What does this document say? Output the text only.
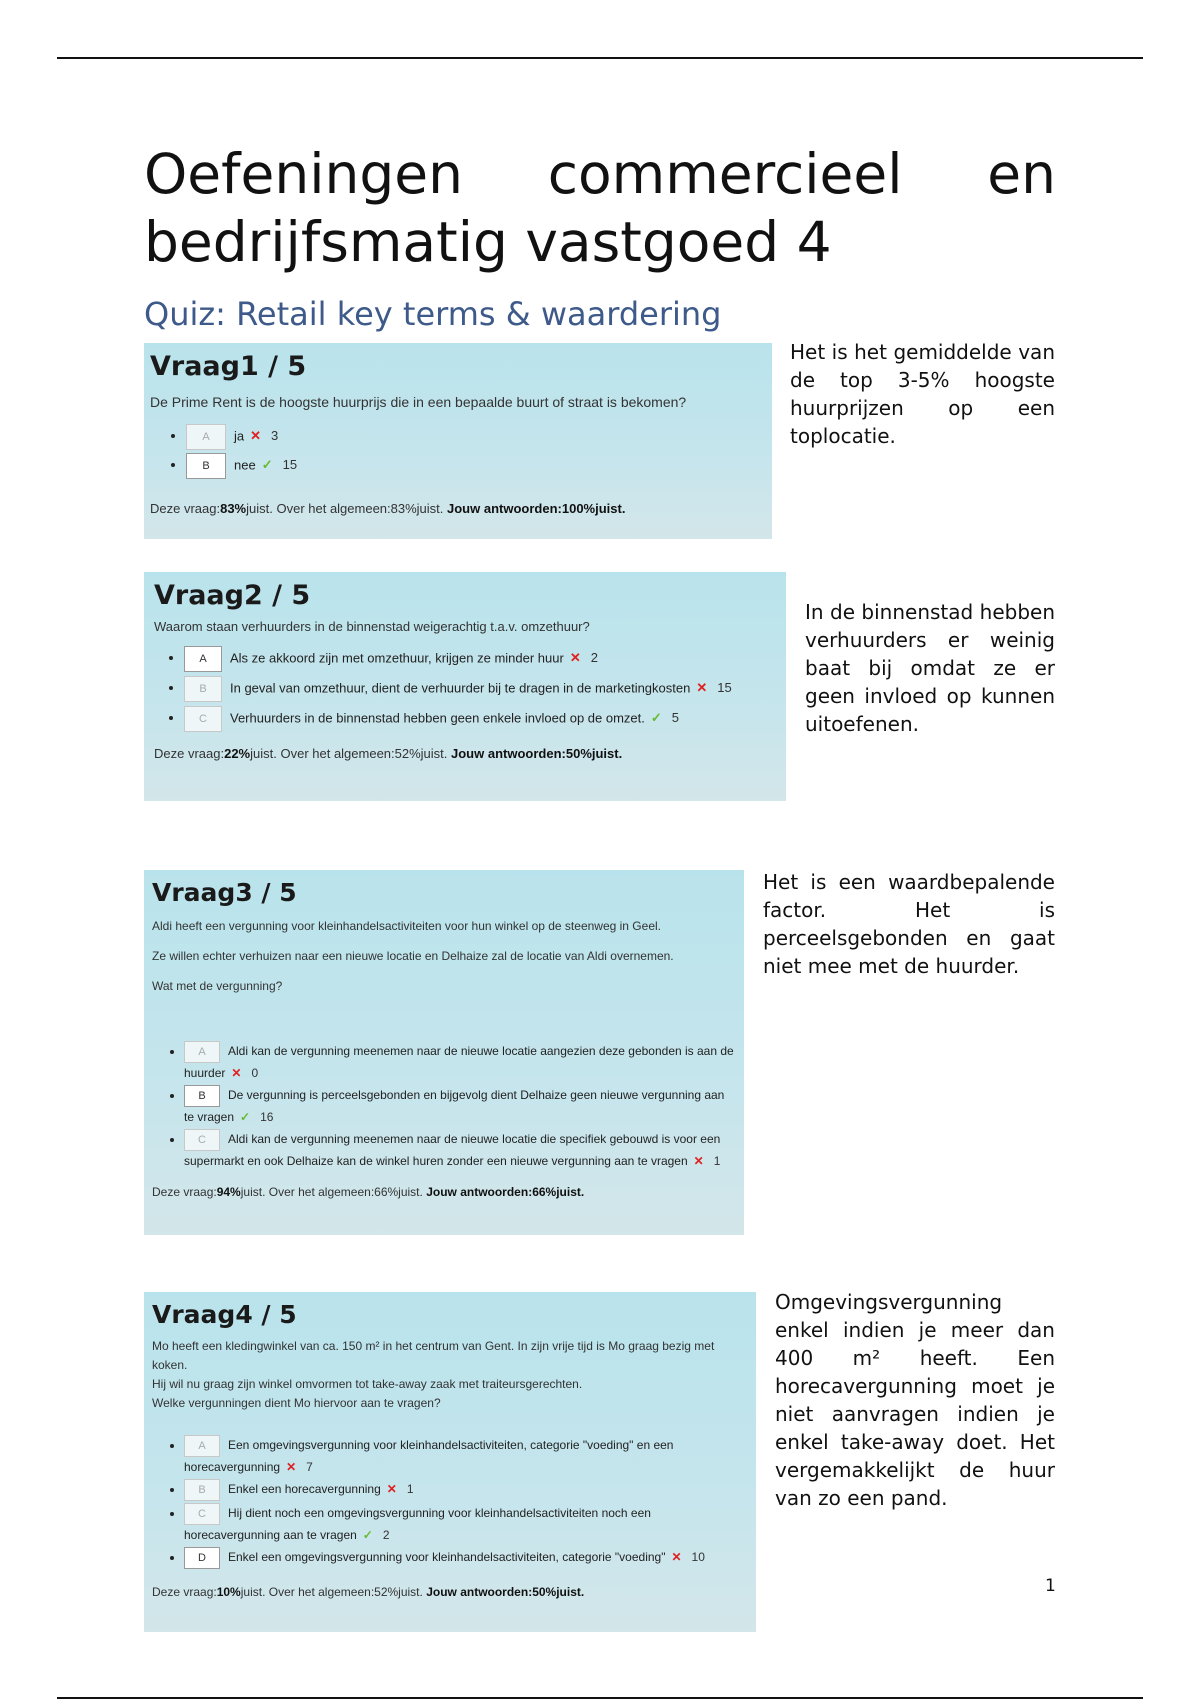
Oefeningen commercieel en
bedrijfsmatig vastgoed 4
Quiz: Retail key terms & waardering
Vraag1 / 5
De Prime Rent is de hoogste huurprijs die in een bepaalde buurt of straat is bekomen?
• A ja ✕ 3
• B nee ✓ 15
Deze vraag:83%juist. Over het algemeen:83%juist. Jouw antwoorden:100%juist.
Het is het gemiddelde van de top 3-5% hoogste huurprijzen op een toplocatie.
Vraag2 / 5
Waarom staan verhuurders in de binnenstad weigerachtig t.a.v. omzethuur?
• A Als ze akkoord zijn met omzethuur, krijgen ze minder huur ✕ 2
• B In geval van omzethuur, dient de verhuurder bij te dragen in de marketingkosten ✕ 15
• C Verhuurders in de binnenstad hebben geen enkele invloed op de omzet. ✓ 5
Deze vraag:22%juist. Over het algemeen:52%juist. Jouw antwoorden:50%juist.
In de binnenstad hebben verhuurders er weinig baat bij omdat ze er geen invloed op kunnen uitoefenen.
Vraag3 / 5
Aldi heeft een vergunning voor kleinhandelsactiviteiten voor hun winkel op de steenweg in Geel.
Ze willen echter verhuizen naar een nieuwe locatie en Delhaize zal de locatie van Aldi overnemen.
Wat met de vergunning?
• A Aldi kan de vergunning meenemen naar de nieuwe locatie aangezien deze gebonden is aan de huurder ✕ 0
• B De vergunning is perceelsgebonden en bijgevolg dient Delhaize geen nieuwe vergunning aan te vragen ✓ 16
• C Aldi kan de vergunning meenemen naar de nieuwe locatie die specifiek gebouwd is voor een supermarkt en ook Delhaize kan de winkel huren zonder een nieuwe vergunning aan te vragen ✕ 1
Deze vraag:94%juist. Over het algemeen:66%juist. Jouw antwoorden:66%juist.
Het is een waardbepalende factor. Het is perceelsgebonden en gaat niet mee met de huurder.
Vraag4 / 5
Mo heeft een kledingwinkel van ca. 150 m² in het centrum van Gent. In zijn vrije tijd is Mo graag bezig met koken.
Hij wil nu graag zijn winkel omvormen tot take-away zaak met traiteursgerechten.
Welke vergunningen dient Mo hiervoor aan te vragen?
• A Een omgevingsvergunning voor kleinhandelsactiviteiten, categorie "voeding" en een horecavergunning ✕ 7
• B Enkel een horecavergunning ✕ 1
• C Hij dient noch een omgevingsvergunning voor kleinhandelsactiviteiten noch een horecavergunning aan te vragen ✓ 2
• D Enkel een omgevingsvergunning voor kleinhandelsactiviteiten, categorie "voeding" ✕ 10
Deze vraag:10%juist. Over het algemeen:52%juist. Jouw antwoorden:50%juist.
Omgevingsvergunning enkel indien je meer dan 400 m² heeft. Een horecavergunning moet je niet aanvragen indien je enkel take-away doet. Het vergemakkelijkt de huur van zo een pand.
1
